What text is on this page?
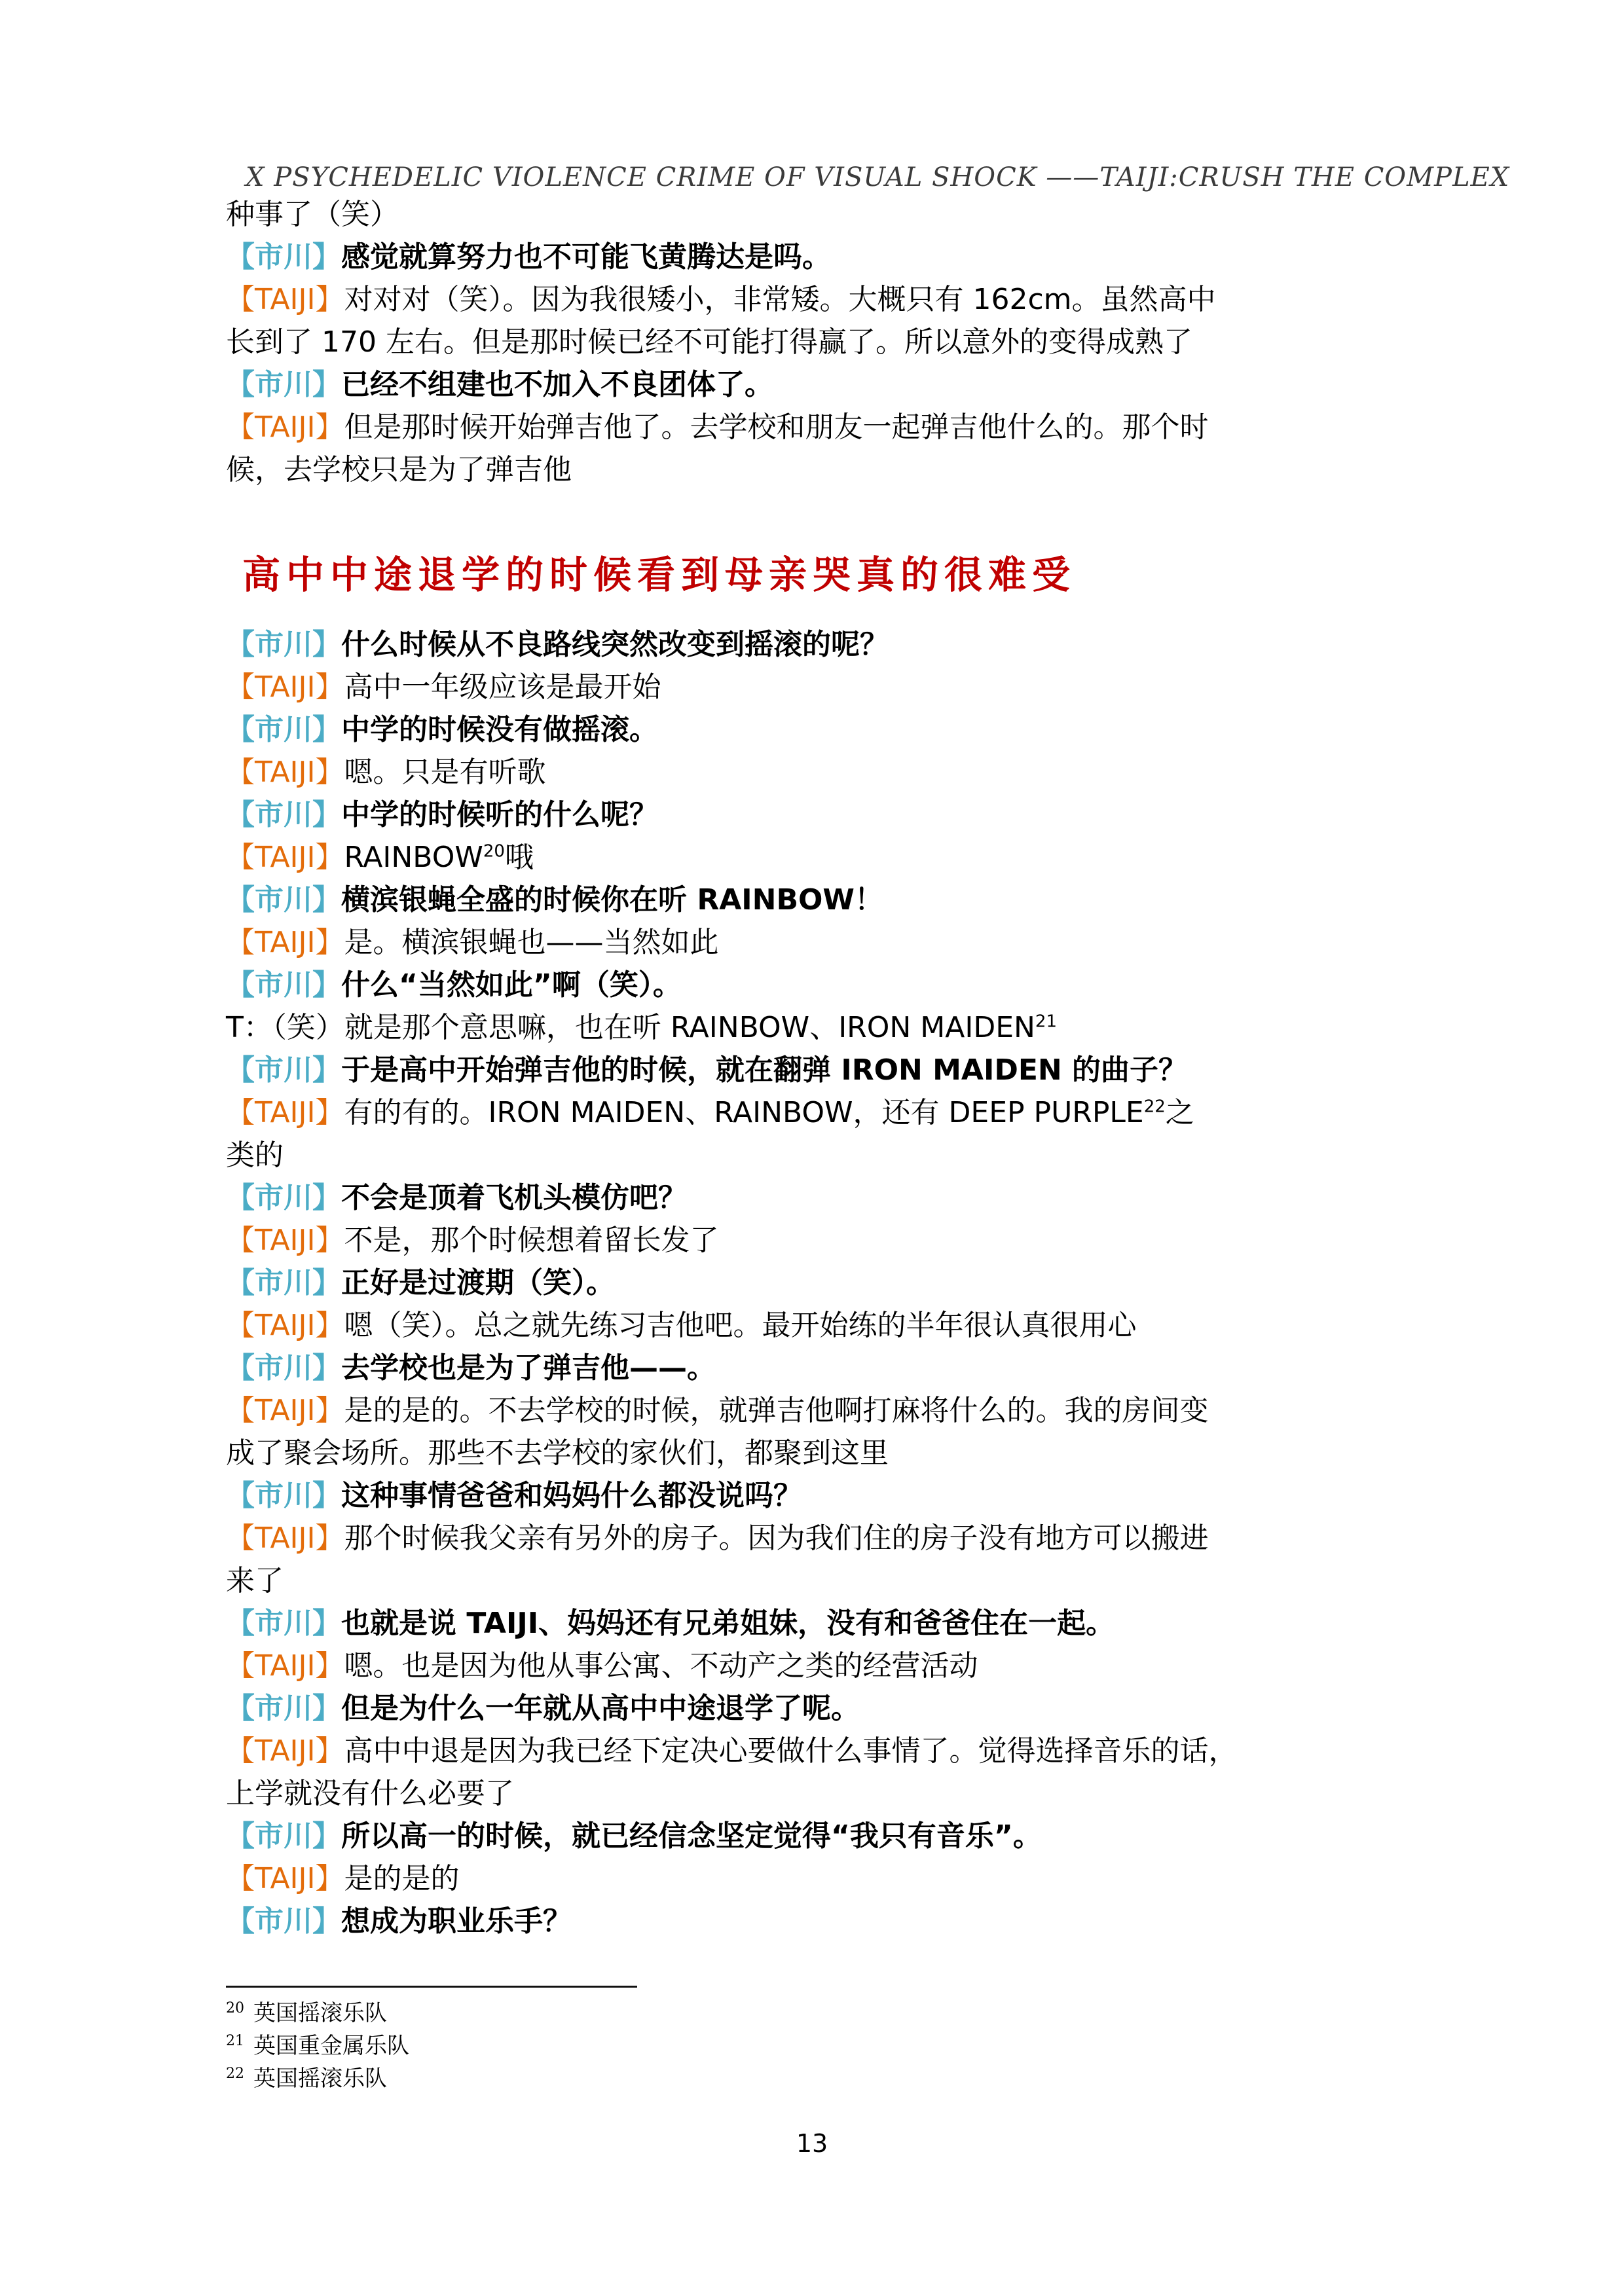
X PSYCHEDELIC VIOLENCE CRIME OF VISUAL SHOCK ——TAIJI:CRUSH THE COMPLEX
种事了（笑）
【市川】感觉就算努力也不可能飞黄腾达是吗。
【TAIJI】对对对（笑）。因为我很矮小，非常矮。大概只有 162cm。虽然高中
长到了 170 左右。但是那时候已经不可能打得赢了。所以意外的变得成熟了
【市川】已经不组建也不加入不良团体了。
【TAIJI】但是那时候开始弹吉他了。去学校和朋友一起弹吉他什么的。那个时
候，去学校只是为了弹吉他
高中中途退学的时候看到母亲哭真的很难受
【市川】什么时候从不良路线突然改变到摇滚的呢？
【TAIJI】高中一年级应该是最开始
【市川】中学的时候没有做摇滚。
【TAIJI】嗯。只是有听歌
【市川】中学的时候听的什么呢？
【TAIJI】RAINBOW$^{20}$哦
【市川】横滨银蝇全盛的时候你在听 RAINBOW！
【TAIJI】是。横滨银蝇也——当然如此
【市川】什么“当然如此”啊（笑）。
T：（笑）就是那个意思嘛，也在听 RAINBOW、IRON MAIDEN$^{21}$
【市川】于是高中开始弹吉他的时候，就在翻弹 IRON MAIDEN 的曲子？
【TAIJI】有的有的。IRON MAIDEN、RAINBOW，还有 DEEP PURPLE$^{22}$之
类的
【市川】不会是顶着飞机头模仿吧？
【TAIJI】不是，那个时候想着留长发了
【市川】正好是过渡期（笑）。
【TAIJI】嗯（笑）。总之就先练习吉他吧。最开始练的半年很认真很用心
【市川】去学校也是为了弹吉他——。
【TAIJI】是的是的。不去学校的时候，就弹吉他啊打麻将什么的。我的房间变
成了聚会场所。那些不去学校的家伙们，都聚到这里
【市川】这种事情爸爸和妈妈什么都没说吗？
【TAIJI】那个时候我父亲有另外的房子。因为我们住的房子没有地方可以搬进
来了
【市川】也就是说 TAIJI、妈妈还有兄弟姐妹，没有和爸爸住在一起。
【TAIJI】嗯。也是因为他从事公寓、不动产之类的经营活动
【市川】但是为什么一年就从高中中途退学了呢。
【TAIJI】高中中退是因为我已经下定决心要做什么事情了。觉得选择音乐的话，
上学就没有什么必要了
【市川】所以高一的时候，就已经信念坚定觉得“我只有音乐”。
【TAIJI】是的是的
【市川】想成为职业乐手？
$^{20}$ 英国摇滚乐队
$^{21}$ 英国重金属乐队
$^{22}$ 英国摇滚乐队
13
